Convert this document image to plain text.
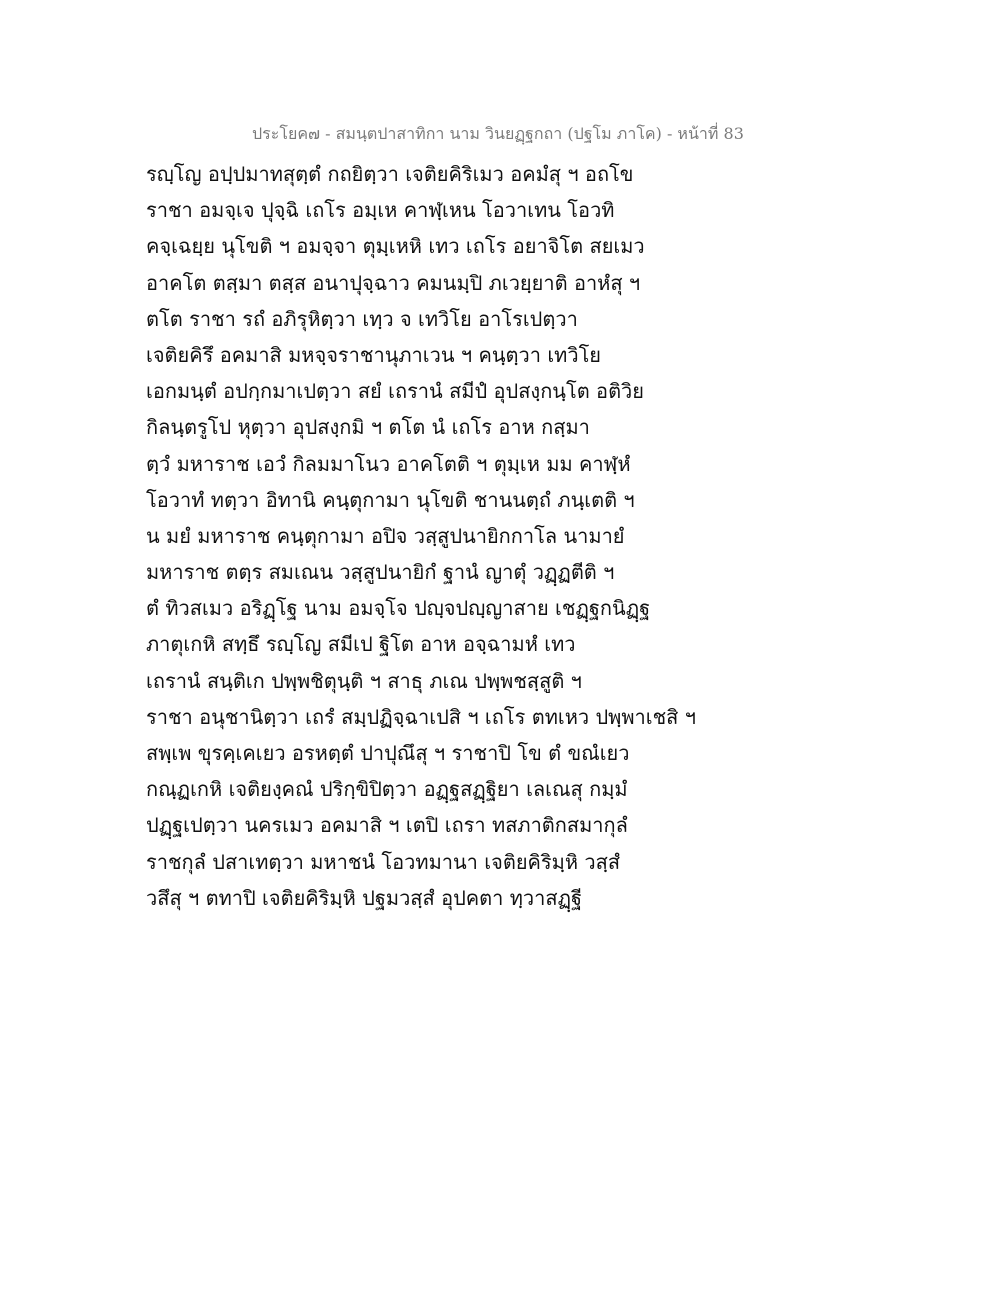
ประโยค๗ - สมนฺตปาสาทิกา นาม วินยฏฺฐกถา (ปฐโม ภาโค) - หน้าที่ 83
รญฺโญ อปฺปมาทสุตฺตํ กถยิตฺวา เจติยคิริเมว อคมํสุ ฯ อถโข
ราชา อมจฺเจ ปุจฺฉิ เถโร อมฺเห คาฬฺเหน โอวาเทน โอวทิ
คจฺเฉยฺย นุโขติ ฯ อมจฺจา ตุมฺเหหิ เทว เถโร อยาจิโต สยเมว
อาคโต ตสฺมา ตสฺส อนาปุจฺฉาว คมนมฺปิ ภเวยฺยาติ อาหํสุ ฯ
ตโต ราชา รถํ อภิรุหิตฺวา เทฺว จ เทวิโย อาโรเปตฺวา
เจติยคิรึ อคมาสิ มหจฺจราชานุภาเวน ฯ คนฺตฺวา เทวิโย
เอกมนฺตํ อปกฺกมาเปตฺวา สยํ เถรานํ สมีปํ อุปสงฺกนฺโต อติวิย
กิลนฺตรูโป หุตฺวา อุปสงฺกมิ ฯ ตโต นํ เถโร อาห กสฺมา
ตฺวํ มหาราช เอวํ กิลมมาโนว อาคโตติ ฯ ตุมฺเห มม คาฬฺหํ
โอวาทํ ทตฺวา อิทานิ คนฺตุกามา นุโขติ ชานนตฺถํ ภนฺเตติ ฯ
น มยํ มหาราช คนฺตุกามา อปิจ วสฺสูปนายิกกาโล นามายํ
มหาราช ตตฺร สมเณน วสฺสูปนายิกํ ฐานํ ญาตุํ วฏฺฏตีติ ฯ
ตํ ทิวสเมว อริฏฺโฐ นาม อมจฺโจ ปญฺจปญฺญาสาย เชฏฺฐกนิฏฺฐ
ภาตุเกหิ สทฺธึ รญฺโญ สมีเป ฐิโต อาห อจฺฉามหํ เทว
เถรานํ สนฺติเก ปพฺพชิตุนฺติ ฯ สาธุ ภเณ ปพฺพชสฺสูติ ฯ
ราชา อนุชานิตฺวา เถรํ สมฺปฏิจฺฉาเปสิ ฯ เถโร ตทเหว ปพฺพาเชสิ ฯ
สพฺเพ ขุรคฺเคเยว อรหตฺตํ ปาปุณึสุ ฯ ราชาปิ โข ตํ ขณํเยว
กณฺฏเกหิ เจติยงฺคณํ ปริกฺขิปิตฺวา อฏฺฐสฏฺฐิยา เลเณสุ กมฺมํ
ปฏฺฐเปตฺวา นครเมว อคมาสิ ฯ เตปิ เถรา ทสภาติกสมากุลํ
ราชกุลํ ปสาเทตฺวา มหาชนํ โอวทมานา เจติยคิริมฺหิ วสฺสํ
วสึสุ ฯ ตทาปิ เจติยคิริมฺหิ ปฐมวสฺสํ อุปคตา ทฺวาสฏฺฐี
